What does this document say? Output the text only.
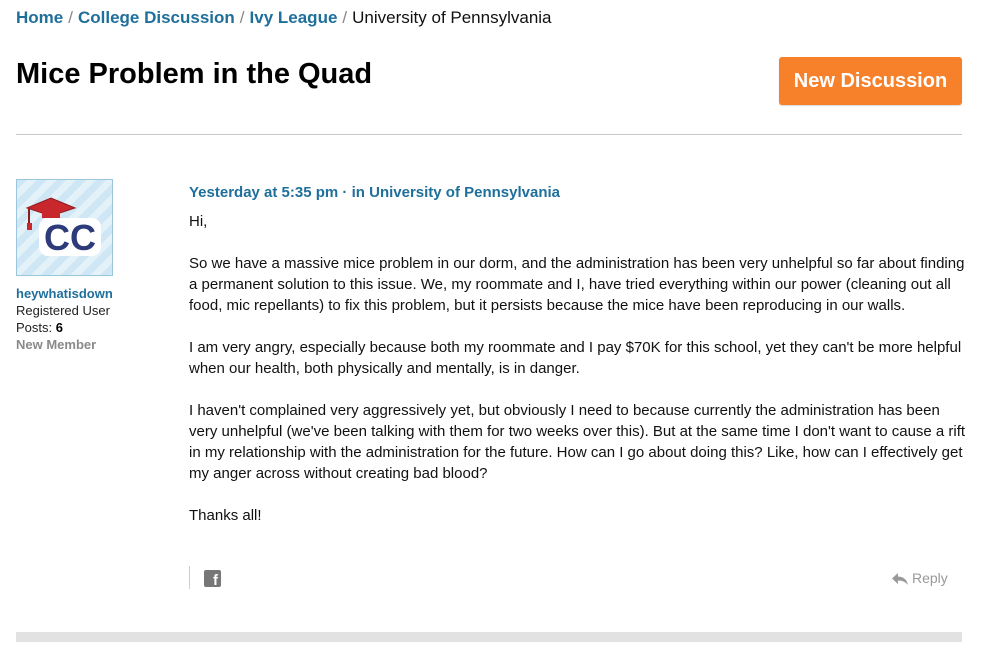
Home / College Discussion / Ivy League / University of Pennsylvania
Mice Problem in the Quad	New Discussion
CC
heywhatisdown
Registered User
Posts: 6
New Member
Yesterday at 5:35 pm · in University of Pennsylvania

Hi,

So we have a massive mice problem in our dorm, and the administration has been very unhelpful so far about finding a permanent solution to this issue. We, my roommate and I, have tried everything within our power (cleaning out all food, mic repellants) to fix this problem, but it persists because the mice have been reproducing in our walls.

I am very angry, especially because both my roommate and I pay $70K for this school, yet they can't be more helpful when our health, both physically and mentally, is in danger.

I haven't complained very aggressively yet, but obviously I need to because currently the administration has been very unhelpful (we've been talking with them for two weeks over this). But at the same time I don't want to cause a rift in my relationship with the administration for the future. How can I go about doing this? Like, how can I effectively get my anger across without creating bad blood?

Thanks all!

f	Reply
